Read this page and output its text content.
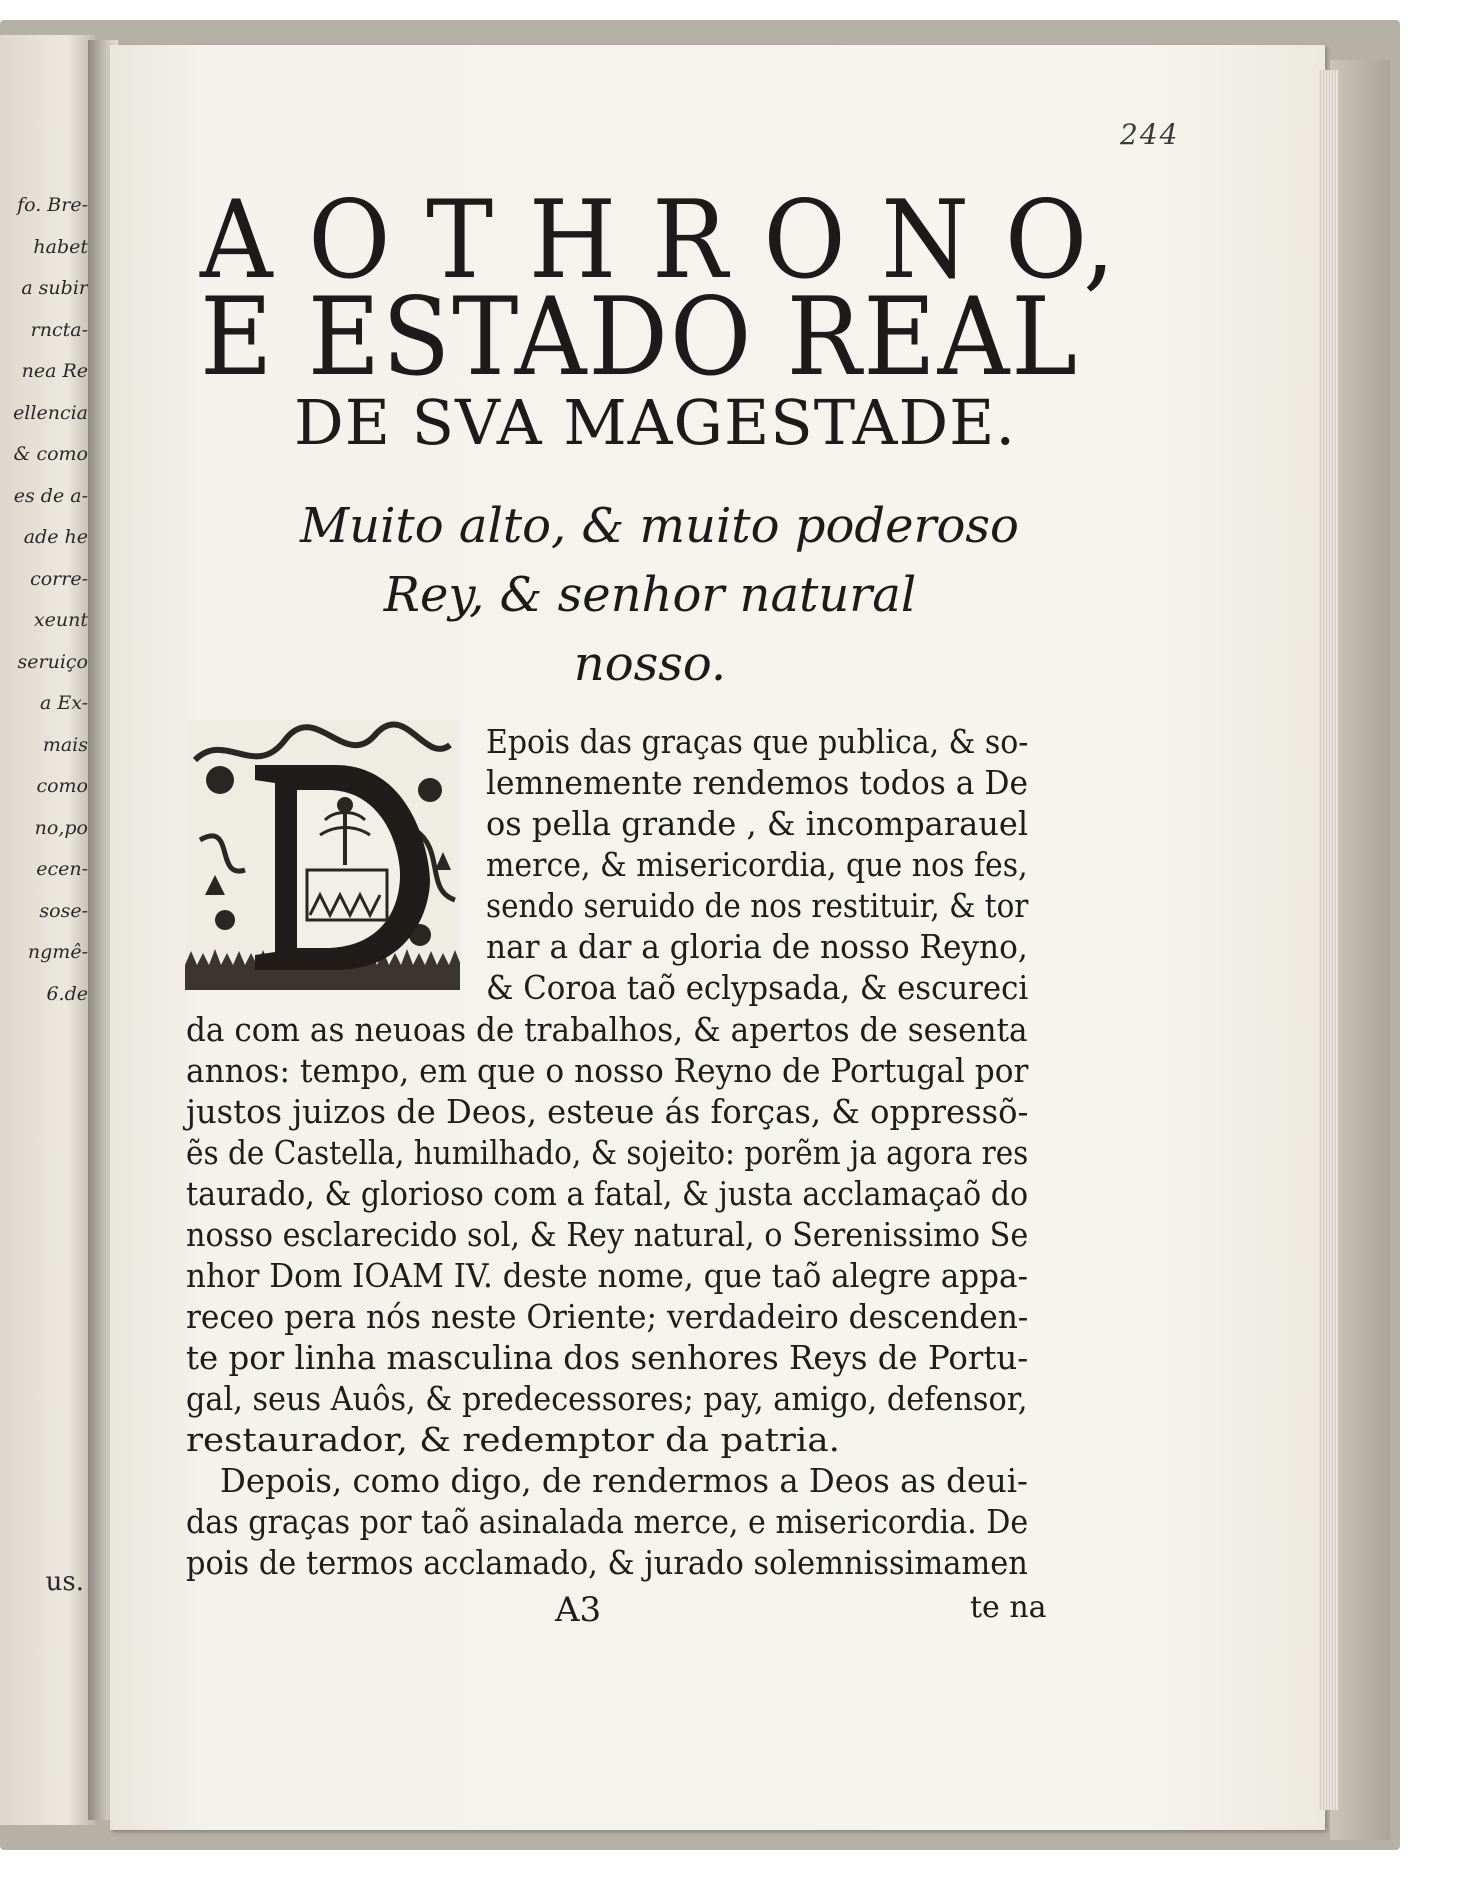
fo. Bre-
habet
a subir
rncta-
nea Re
ellencia
& como
es de a-
ade he
corre-
xeunt
seruiço
a Ex-
mais
como
no,po
ecen-
sose-
ngmê-
6.de
us.
244
A O T H R O N O,
E ESTADO REAL
DE SVA MAGESTADE.
Muito alto, & muito poderoso
Rey, & senhor natural
nosso.
Epois das graças que publica, & so-
lemnemente rendemos todos a De
os pella grande , & incomparauel
merce, & misericordia, que nos fes,
sendo seruido de nos restituir, & tor
nar a dar a gloria de nosso Reyno,
& Coroa taõ eclypsada, & escureci
da com as neuoas de trabalhos, & apertos de sesenta
annos: tempo, em que o nosso Reyno de Portugal por
justos juizos de Deos, esteue ás forças, & oppressõ-
ẽs de Castella, humilhado, & sojeito: porẽm ja agora res
taurado, & glorioso com a fatal, & justa acclamaçaõ do
nosso esclarecido sol, & Rey natural, o Serenissimo Se
nhor Dom IOAM IV. deste nome, que taõ alegre appa-
receo pera nós neste Oriente; verdadeiro descenden-
te por linha masculina dos senhores Reys de Portu-
gal, seus Auôs, & predecessores; pay, amigo, defensor,
restaurador, & redemptor da patria.
Depois, como digo, de rendermos a Deos as deui-
das graças por taõ asinalada merce, e misericordia. De
pois de termos acclamado, & jurado solemnissimamen
A3	te na
